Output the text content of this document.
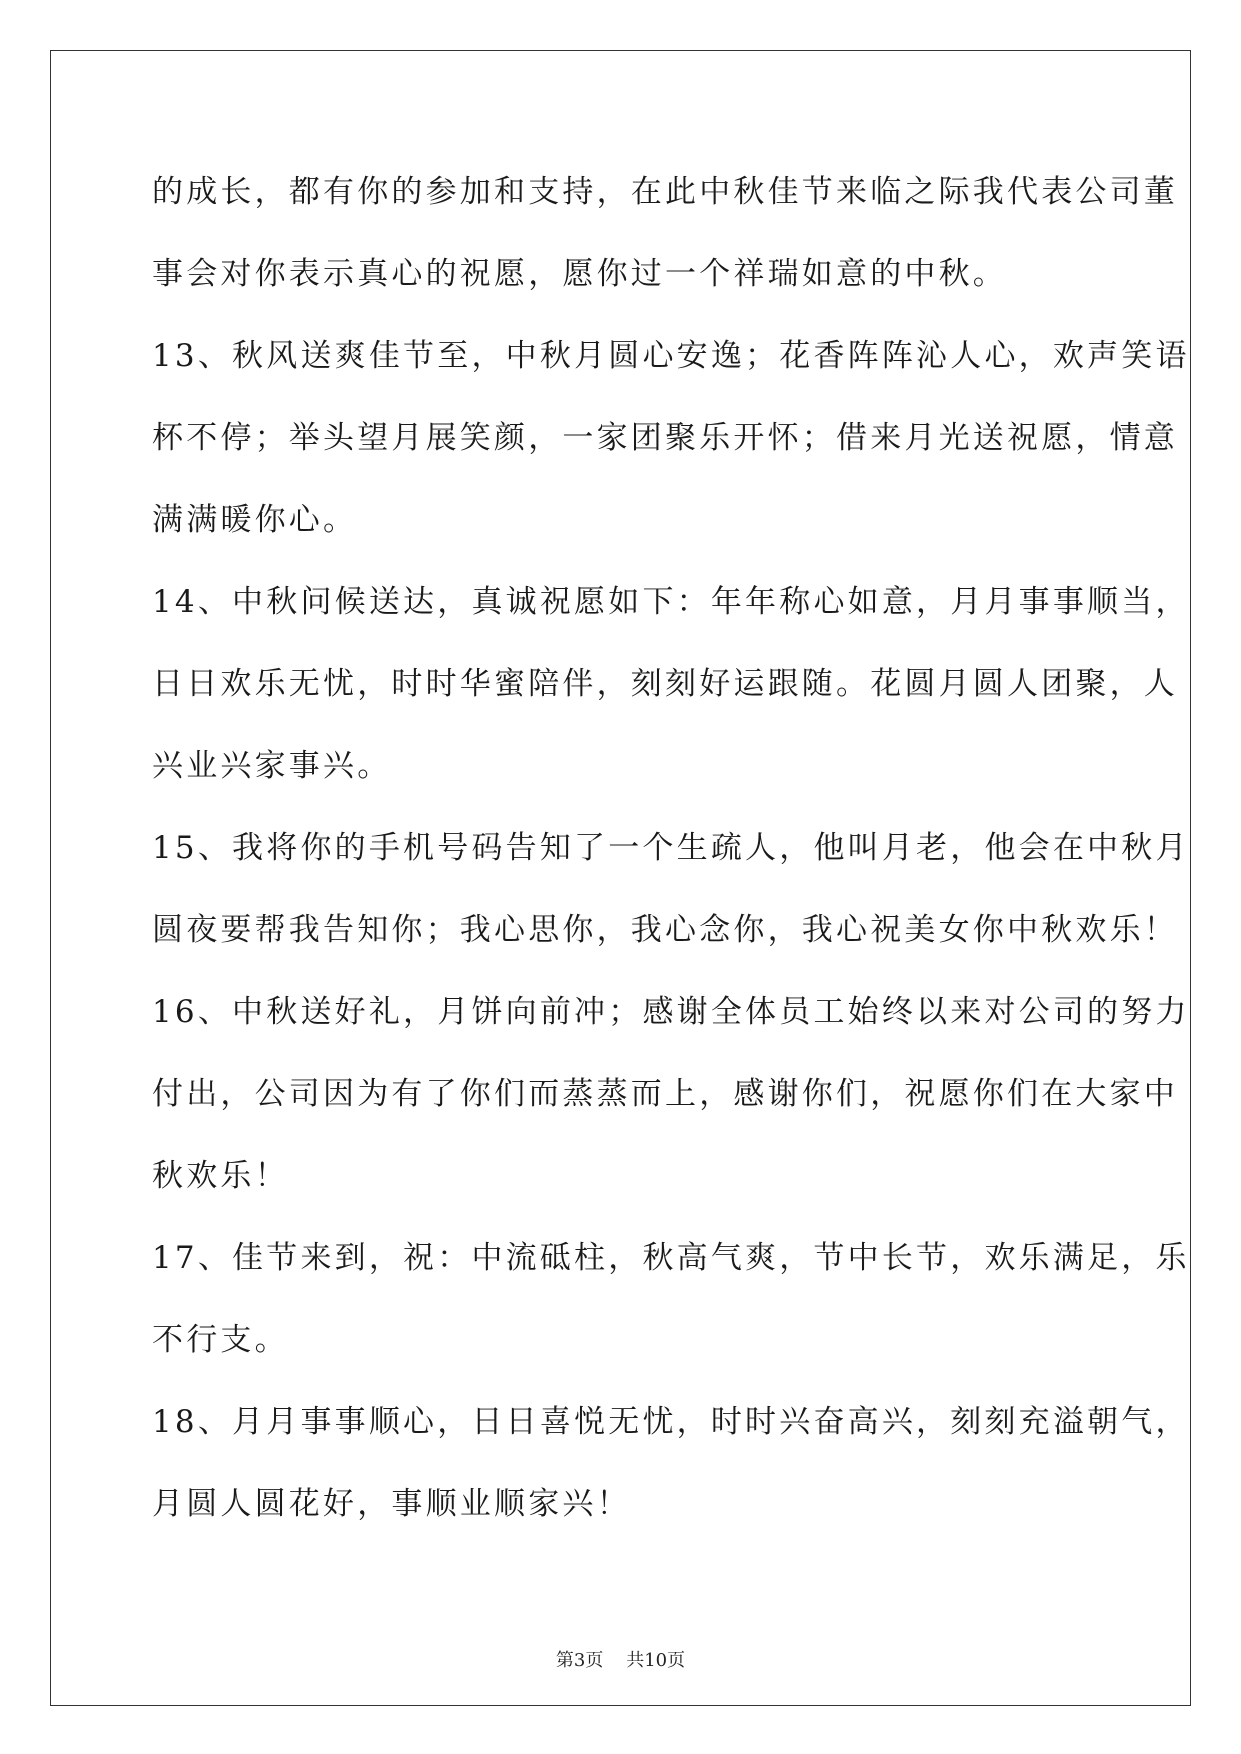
的成长，都有你的参加和支持，在此中秋佳节来临之际我代表公司董
事会对你表示真心的祝愿，愿你过一个祥瑞如意的中秋。
13、秋风送爽佳节至，中秋月圆心安逸；花香阵阵沁人心，欢声笑语
杯不停；举头望月展笑颜，一家团聚乐开怀；借来月光送祝愿，情意
满满暖你心。
14、中秋问候送达，真诚祝愿如下：年年称心如意，月月事事顺当，
日日欢乐无忧，时时华蜜陪伴，刻刻好运跟随。花圆月圆人团聚，人
兴业兴家事兴。
15、我将你的手机号码告知了一个生疏人，他叫月老，他会在中秋月
圆夜要帮我告知你；我心思你，我心念你，我心祝美女你中秋欢乐！
16、中秋送好礼，月饼向前冲；感谢全体员工始终以来对公司的努力
付出，公司因为有了你们而蒸蒸而上，感谢你们，祝愿你们在大家中
秋欢乐！
17、佳节来到，祝：中流砥柱，秋高气爽，节中长节，欢乐满足，乐
不行支。
18、月月事事顺心，日日喜悦无忧，时时兴奋高兴，刻刻充溢朝气，
月圆人圆花好，事顺业顺家兴！
第3页    共10页
